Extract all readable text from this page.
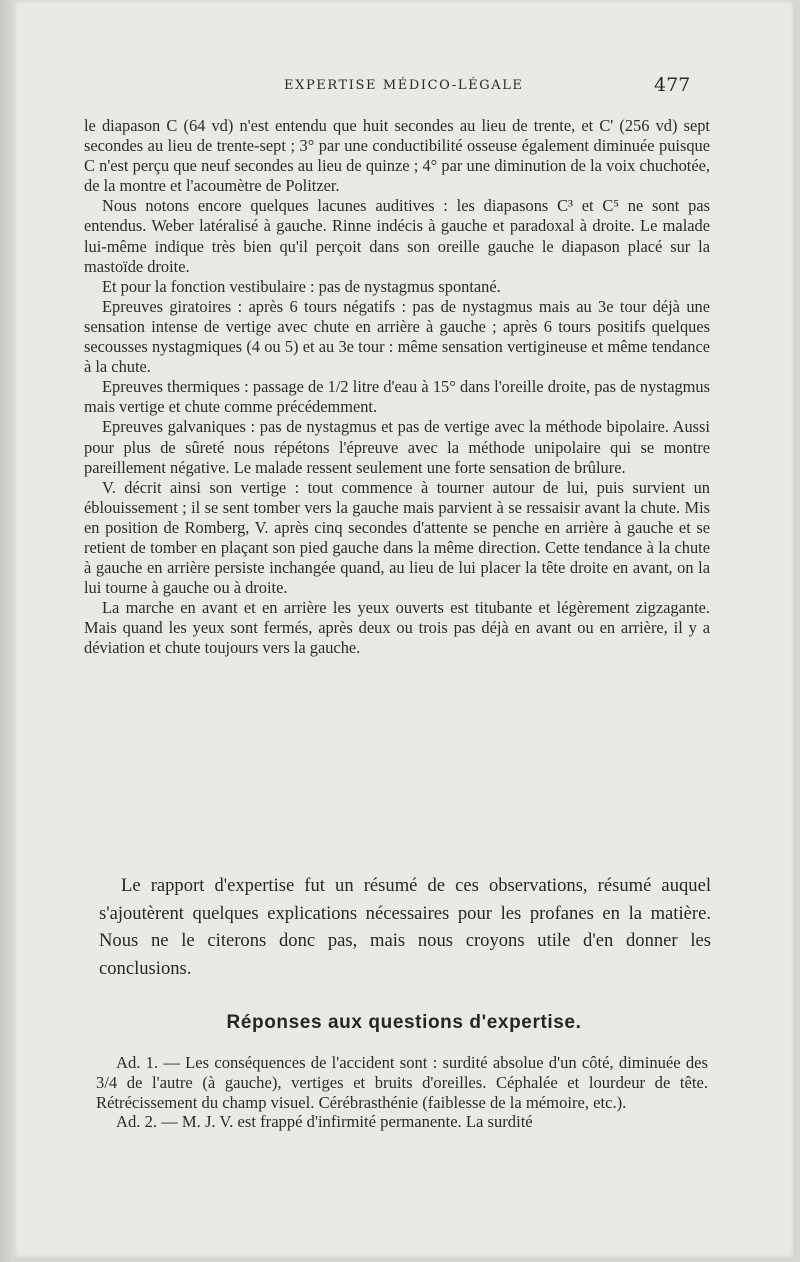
EXPERTISE MÉDICO-LÉGALE	477

le diapason C (64 vd) n'est entendu que huit secondes au lieu de trente, et C' (256 vd) sept secondes au lieu de trente-sept ; 3° par une conductibilité osseuse également diminuée puisque C n'est perçu que neuf secondes au lieu de quinze ; 4° par une diminution de la voix chuchotée, de la montre et l'acoumètre de Politzer.

Nous notons encore quelques lacunes auditives : les diapasons C³ et C⁵ ne sont pas entendus. Weber latéralisé à gauche. Rinne indécis à gauche et paradoxal à droite. Le malade lui-même indique très bien qu'il perçoit dans son oreille gauche le diapason placé sur la mastoïde droite.

Et pour la fonction vestibulaire : pas de nystagmus spontané.

Epreuves giratoires : après 6 tours négatifs : pas de nystagmus mais au 3e tour déjà une sensation intense de vertige avec chute en arrière à gauche ; après 6 tours positifs quelques secousses nystagmiques (4 ou 5) et au 3e tour : même sensation vertigineuse et même tendance à la chute.

Epreuves thermiques : passage de 1/2 litre d'eau à 15° dans l'oreille droite, pas de nystagmus mais vertige et chute comme précédemment.

Epreuves galvaniques : pas de nystagmus et pas de vertige avec la méthode bipolaire. Aussi pour plus de sûreté nous répétons l'épreuve avec la méthode unipolaire qui se montre pareillement négative. Le malade ressent seulement une forte sensation de brûlure.

V. décrit ainsi son vertige : tout commence à tourner autour de lui, puis survient un éblouissement ; il se sent tomber vers la gauche mais parvient à se ressaisir avant la chute. Mis en position de Romberg, V. après cinq secondes d'attente se penche en arrière à gauche et se retient de tomber en plaçant son pied gauche dans la même direction. Cette tendance à la chute à gauche en arrière persiste inchangée quand, au lieu de lui placer la tête droite en avant, on la lui tourne à gauche ou à droite.

La marche en avant et en arrière les yeux ouverts est titubante et légèrement zigzagante. Mais quand les yeux sont fermés, après deux ou trois pas déjà en avant ou en arrière, il y a déviation et chute toujours vers la gauche.

Le rapport d'expertise fut un résumé de ces observations, résumé auquel s'ajoutèrent quelques explications nécessaires pour les profanes en la matière. Nous ne le citerons donc pas, mais nous croyons utile d'en donner les conclusions.

Réponses aux questions d'expertise.

Ad. 1. — Les conséquences de l'accident sont : surdité absolue d'un côté, diminuée des 3/4 de l'autre (à gauche), vertiges et bruits d'oreilles. Céphalée et lourdeur de tête. Rétrécissement du champ visuel. Cérébrasthénie (faiblesse de la mémoire, etc.).

Ad. 2. — M. J. V. est frappé d'infirmité permanente. La surdité
